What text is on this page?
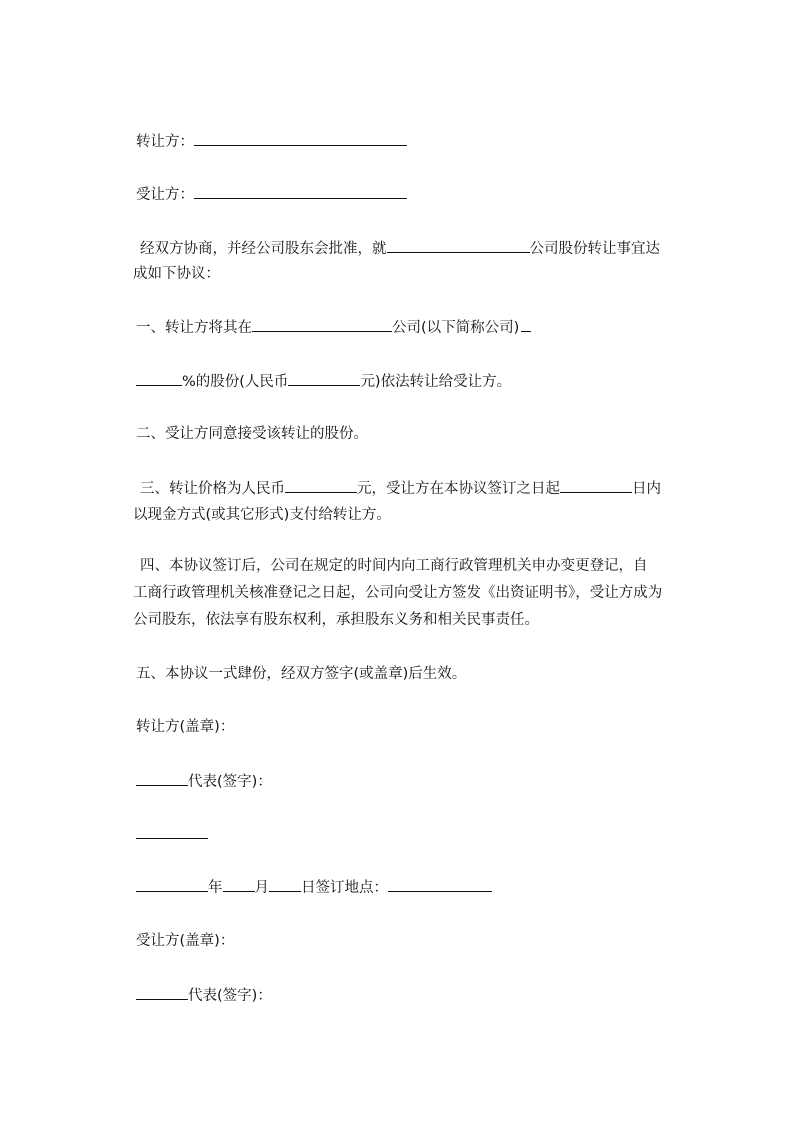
转让方：
受让方：
经双方协商，并经公司股东会批准，就	公司股份转让事宜达
成如下协议：
一、转让方将其在	公司(以下简称公司)
%的股份(人民币	元)依法转让给受让方。
二、受让方同意接受该转让的股份。
三、转让价格为人民币	元，受让方在本协议签订之日起	日内
以现金方式(或其它形式)支付给转让方。
四、本协议签订后，公司在规定的时间内向工商行政管理机关申办变更登记，自
工商行政管理机关核准登记之日起，公司向受让方签发《出资证明书》，受让方成为
公司股东，依法享有股东权利，承担股东义务和相关民事责任。
五、本协议一式肆份，经双方签字(或盖章)后生效。
转让方(盖章)：
代表(签字)：
年 月 日签订地点：
受让方(盖章)：
代表(签字)：
